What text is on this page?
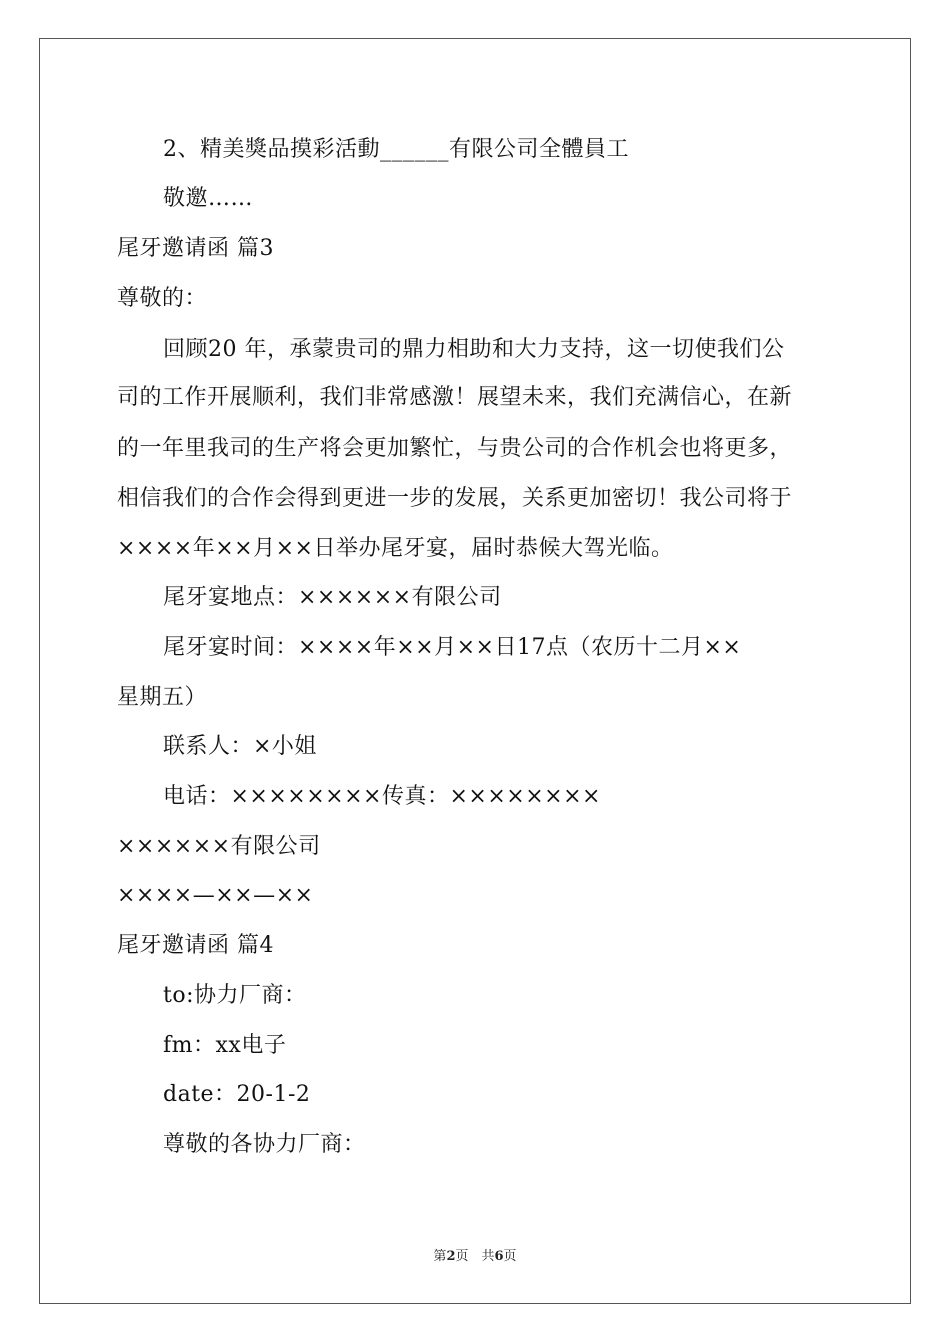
2、精美獎品摸彩活動______有限公司全體員工
敬邀……
尾牙邀请函 篇3
尊敬的：
回顾20 年，承蒙贵司的鼎力相助和大力支持，这一切使我们公
司的工作开展顺利，我们非常感激！展望未来，我们充满信心，在新
的一年里我司的生产将会更加繁忙，与贵公司的合作机会也将更多，
相信我们的合作会得到更进一步的发展，关系更加密切！我公司将于
××××年××月××日举办尾牙宴，届时恭候大驾光临。
尾牙宴地点：××××××有限公司
尾牙宴时间：××××年××月××日17点（农历十二月××
星期五）
联系人：×小姐
电话：××××××××传真：××××××××
××××××有限公司
××××—××—××
尾牙邀请函 篇4
to:协力厂商：
fm：xx电子
date：20-1-2
尊敬的各协力厂商：
第2页　共6页
